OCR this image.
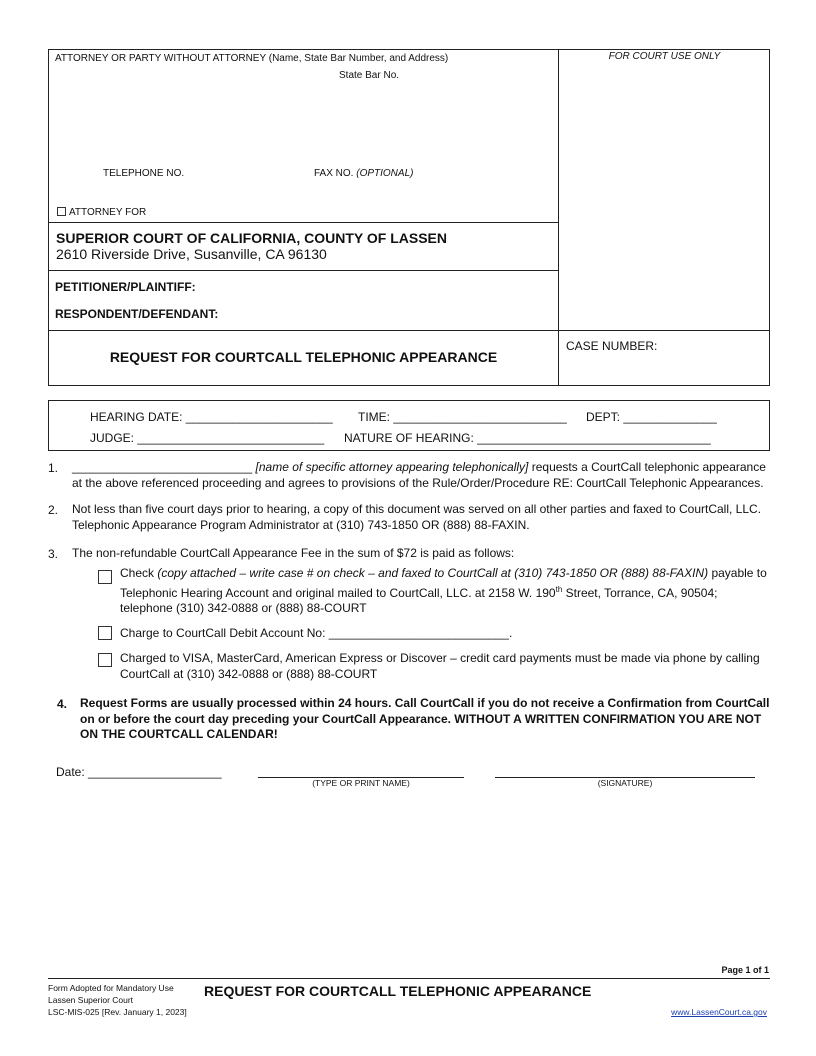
ATTORNEY OR PARTY WITHOUT ATTORNEY (Name, State Bar Number, and Address)
State Bar No.
TELEPHONE NO.	FAX NO. (OPTIONAL)
ATTORNEY FOR
FOR COURT USE ONLY
SUPERIOR COURT OF CALIFORNIA, COUNTY OF LASSEN
2610 Riverside Drive, Susanville, CA 96130
PETITIONER/PLAINTIFF:
RESPONDENT/DEFENDANT:
REQUEST FOR COURTCALL TELEPHONIC APPEARANCE
CASE NUMBER:
HEARING DATE: ______________________ TIME: __________________________ DEPT: ______________
JUDGE: ____________________________ NATURE OF HEARING: ___________________________________
1. ___________________________ [name of specific attorney appearing telephonically] requests a CourtCall telephonic appearance at the above referenced proceeding and agrees to provisions of the Rule/Order/Procedure RE: CourtCall Telephonic Appearances.
2. Not less than five court days prior to hearing, a copy of this document was served on all other parties and faxed to CourtCall, LLC. Telephonic Appearance Program Administrator at (310) 743-1850 OR (888) 88-FAXIN.
3. The non-refundable CourtCall Appearance Fee in the sum of $72 is paid as follows:
Check (copy attached – write case # on check – and faxed to CourtCall at (310) 743-1850 OR (888) 88-FAXIN) payable to Telephonic Hearing Account and original mailed to CourtCall, LLC. at 2158 W. 190th Street, Torrance, CA, 90504; telephone (310) 342-0888 or (888) 88-COURT
Charge to CourtCall Debit Account No: ___________________________.
Charged to VISA, MasterCard, American Express or Discover – credit card payments must be made via phone by calling CourtCall at (310) 342-0888 or (888) 88-COURT
4. Request Forms are usually processed within 24 hours. Call CourtCall if you do not receive a Confirmation from CourtCall on or before the court day preceding your CourtCall Appearance. WITHOUT A WRITTEN CONFIRMATION YOU ARE NOT ON THE COURTCALL CALENDAR!
Date: ____________________
(TYPE OR PRINT NAME)	(SIGNATURE)
Page 1 of 1
Form Adopted for Mandatory Use
Lassen Superior Court
LSC-MIS-025 [Rev. January 1, 2023]
REQUEST FOR COURTCALL TELEPHONIC APPEARANCE
www.LassenCourt.ca.gov
